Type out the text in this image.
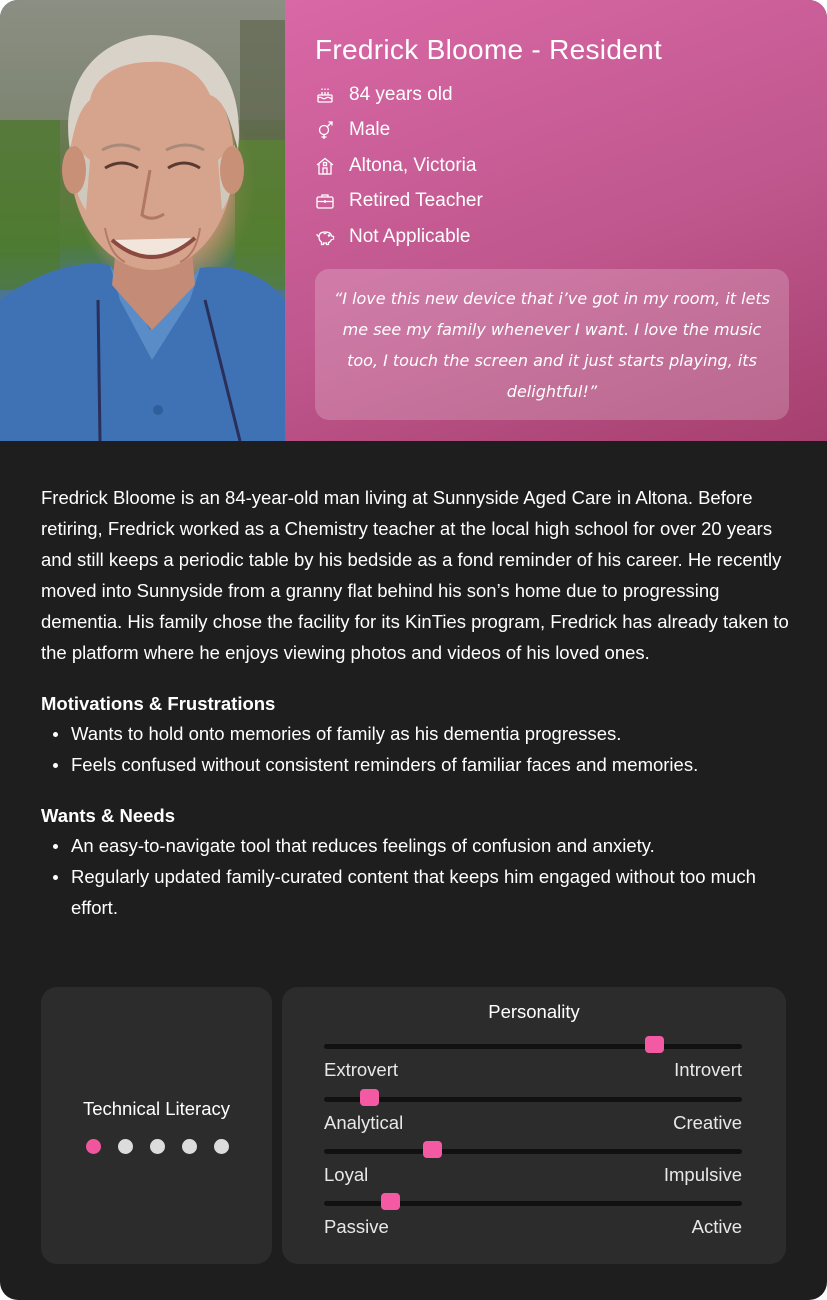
Fredrick Bloome - Resident
84 years old
Male
Altona, Victoria
Retired Teacher
Not Applicable

“I love this new device that i’ve got in my room, it lets me see my family whenever I want. I love the music too, I touch the screen and it just starts playing, its delightful!”

Fredrick Bloome is an 84-year-old man living at Sunnyside Aged Care in Altona. Before retiring, Fredrick worked as a Chemistry teacher at the local high school for over 20 years and still keeps a periodic table by his bedside as a fond reminder of his career. He recently moved into Sunnyside from a granny flat behind his son’s home due to progressing dementia. His family chose the facility for its KinTies program, Fredrick has already taken to the platform where he enjoys viewing photos and videos of his loved ones.

Motivations & Frustrations
Wants to hold onto memories of family as his dementia progresses.
Feels confused without consistent reminders of familiar faces and memories.
Wants & Needs
An easy-to-navigate tool that reduces feelings of confusion and anxiety.
Regularly updated family-curated content that keeps him engaged without too much effort.
Technical Literacy
Personality
Extrovert	Introvert
Analytical	Creative
Loyal	Impulsive
Passive	Active
